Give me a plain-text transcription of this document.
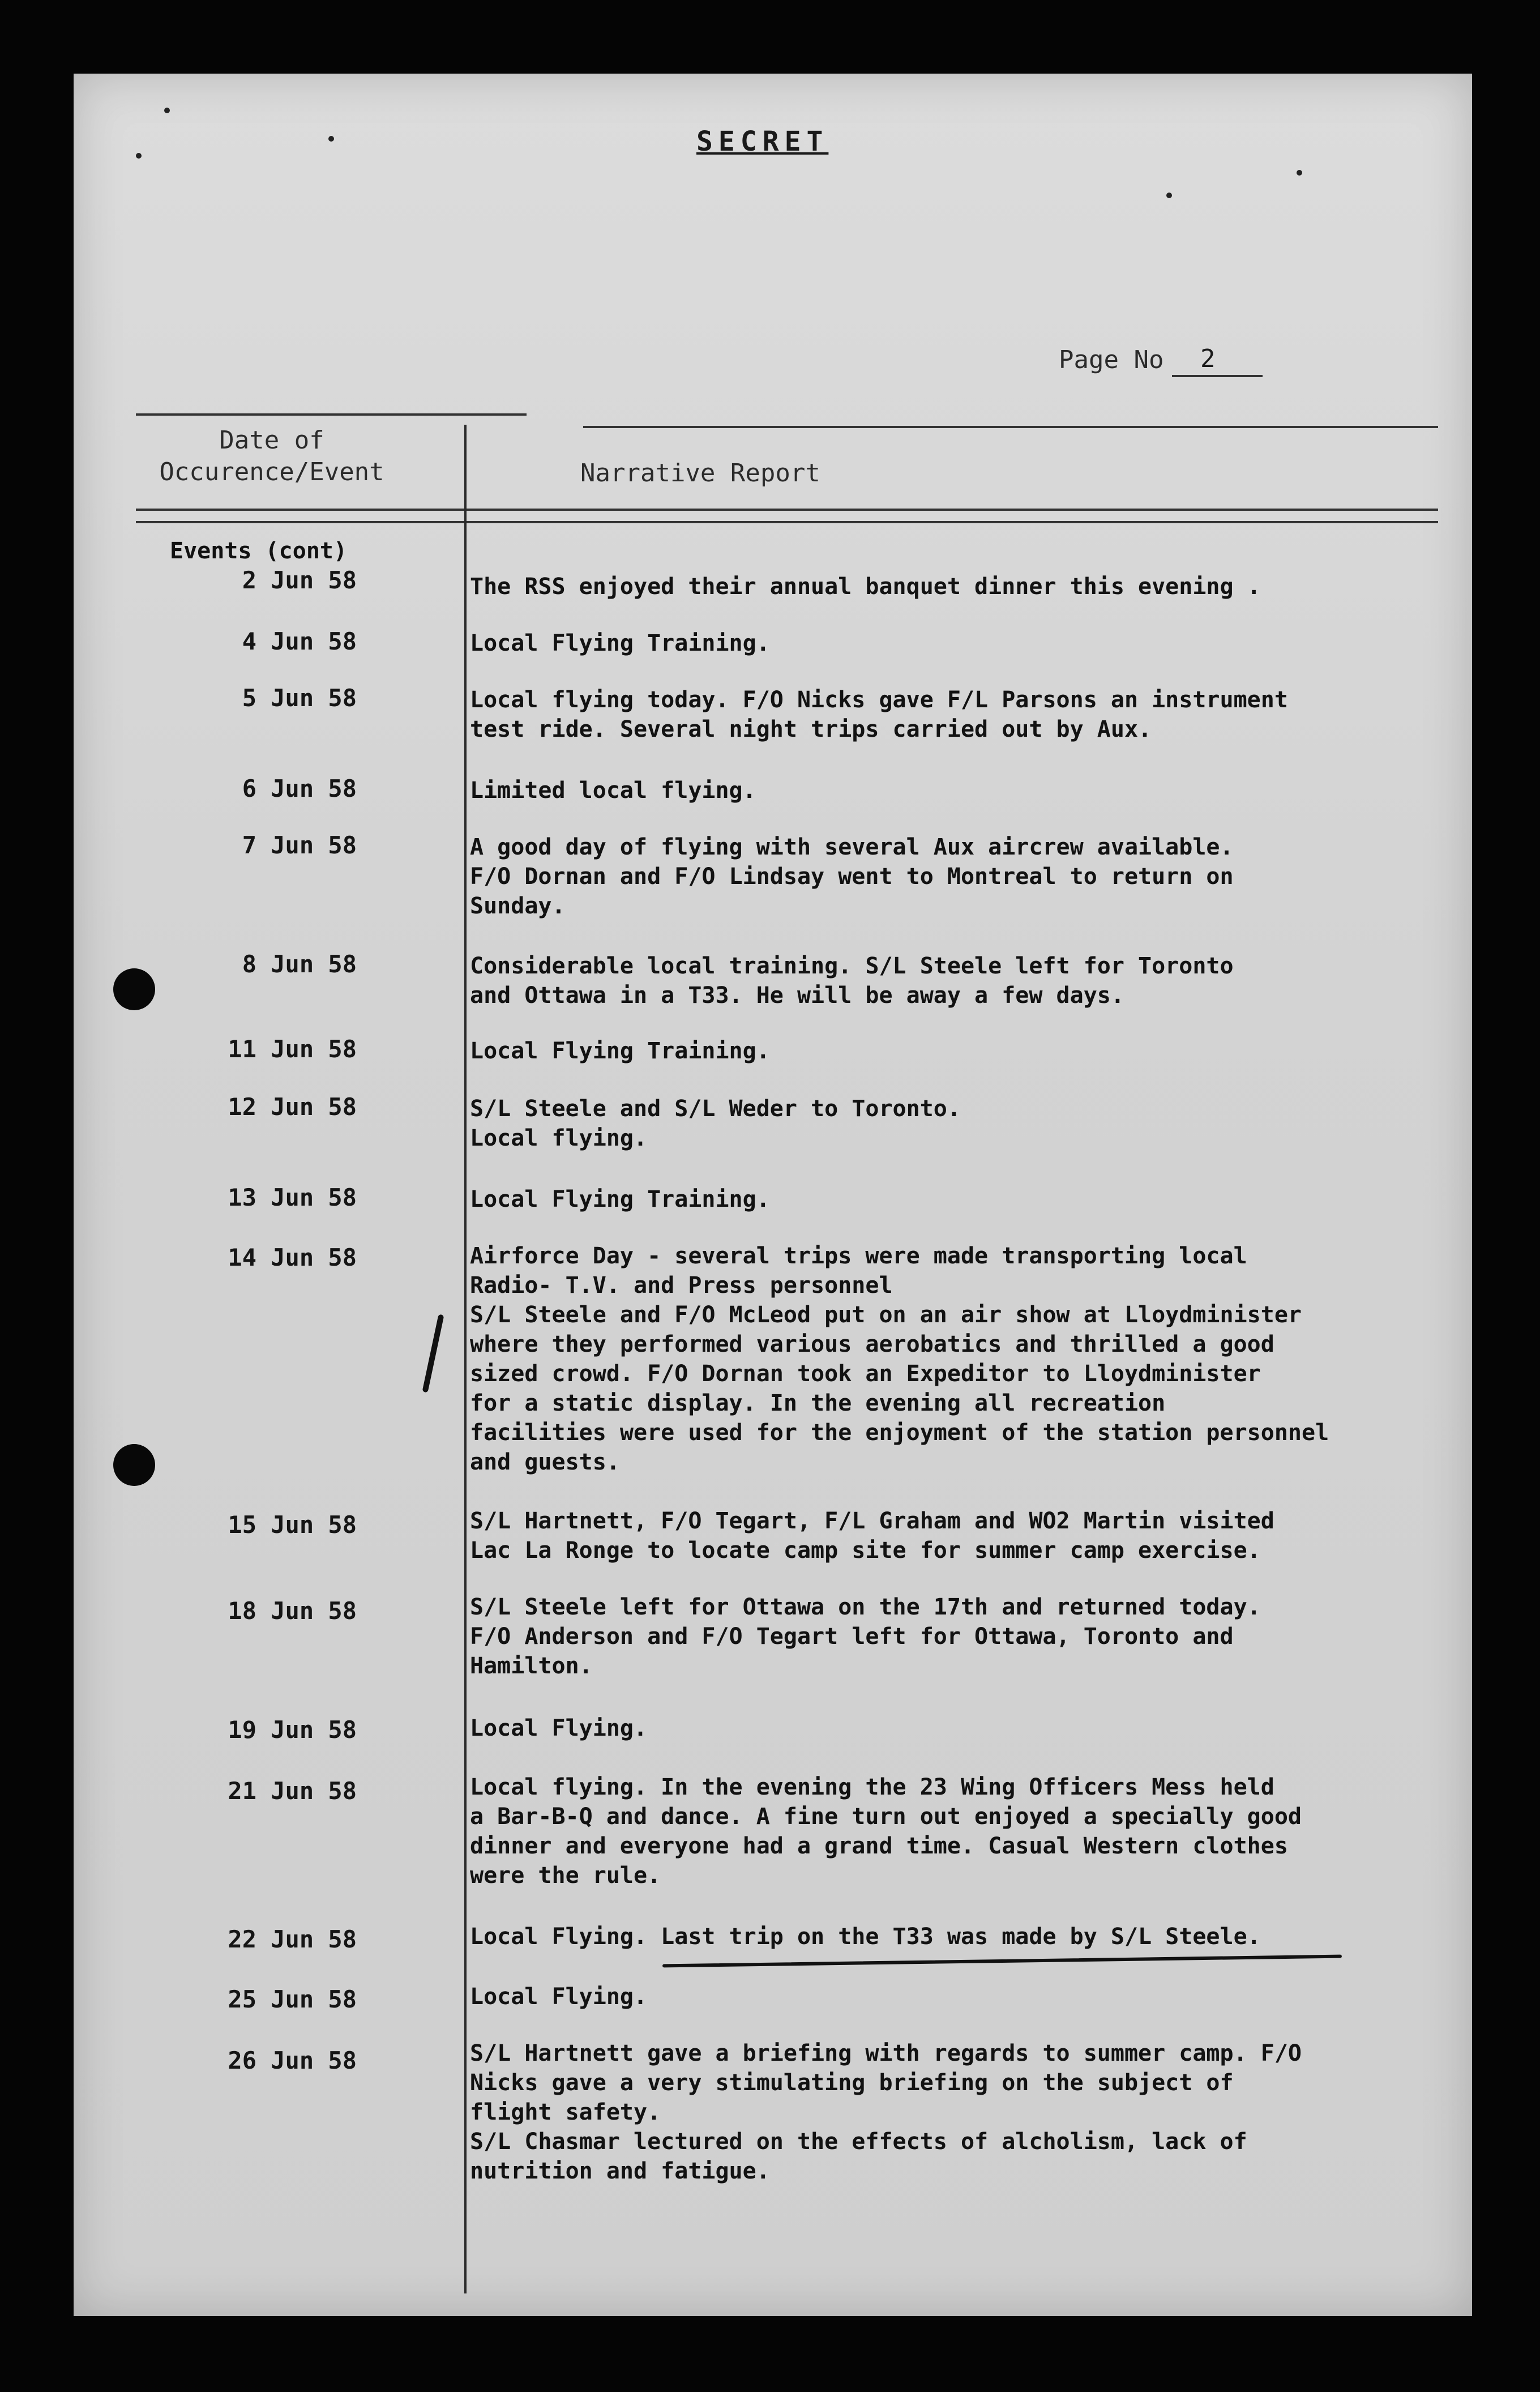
SECRET
Page No 2
Date of
Occurence/Event	Narrative Report
Events (cont)
2 Jun 58	The RSS enjoyed their annual banquet dinner this evening .
4 Jun 58	Local Flying Training.
5 Jun 58	Local flying today. F/O Nicks gave F/L Parsons an instrument
test ride. Several night trips carried out by Aux.
6 Jun 58	Limited local flying.
7 Jun 58	A good day of flying with several Aux aircrew available.
F/O Dornan and F/O Lindsay went to Montreal to return on
Sunday.
8 Jun 58	Considerable local training. S/L Steele left for Toronto
and Ottawa in a T33. He will be away a few days.
11 Jun 58	Local Flying Training.
12 Jun 58	S/L Steele and S/L Weder to Toronto.
Local flying.
13 Jun 58	Local Flying Training.
14 Jun 58	Airforce Day - several trips were made transporting local
Radio- T.V. and Press personnel
S/L Steele and F/O McLeod put on an air show at Lloydminister
where they performed various aerobatics and thrilled a good
sized crowd. F/O Dornan took an Expeditor to Lloydminister
for a static display. In the evening all recreation
facilities were used for the enjoyment of the station personnel
and guests.
15 Jun 58	S/L Hartnett, F/O Tegart, F/L Graham and WO2 Martin visited
Lac La Ronge to locate camp site for summer camp exercise.
18 Jun 58	S/L Steele left for Ottawa on the 17th and returned today.
F/O Anderson and F/O Tegart left for Ottawa, Toronto and
Hamilton.
19 Jun 58	Local Flying.
21 Jun 58	Local flying. In the evening the 23 Wing Officers Mess held
a Bar-B-Q and dance. A fine turn out enjoyed a specially good
dinner and everyone had a grand time. Casual Western clothes
were the rule.
22 Jun 58	Local Flying. Last trip on the T33 was made by S/L Steele.
25 Jun 58	Local Flying.
26 Jun 58	S/L Hartnett gave a briefing with regards to summer camp. F/O
Nicks gave a very stimulating briefing on the subject of
flight safety.
S/L Chasmar lectured on the effects of alcholism, lack of
nutrition and fatigue.
